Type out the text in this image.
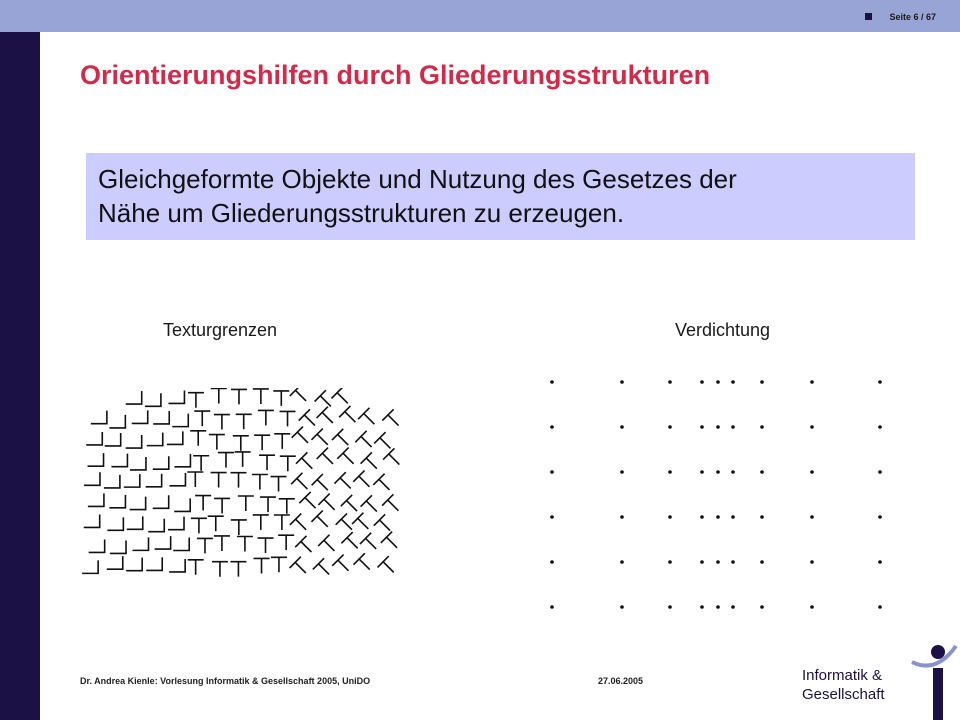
Seite 6 / 67
Orientierungshilfen durch Gliederungsstrukturen
Gleichgeformte Objekte und Nutzung des Gesetzes der
Nähe um Gliederungsstrukturen zu erzeugen.
Texturgrenzen	Verdichtung
Dr. Andrea Kienle: Vorlesung Informatik & Gesellschaft 2005, UniDO	27.06.2005	Informatik &
Gesellschaft
